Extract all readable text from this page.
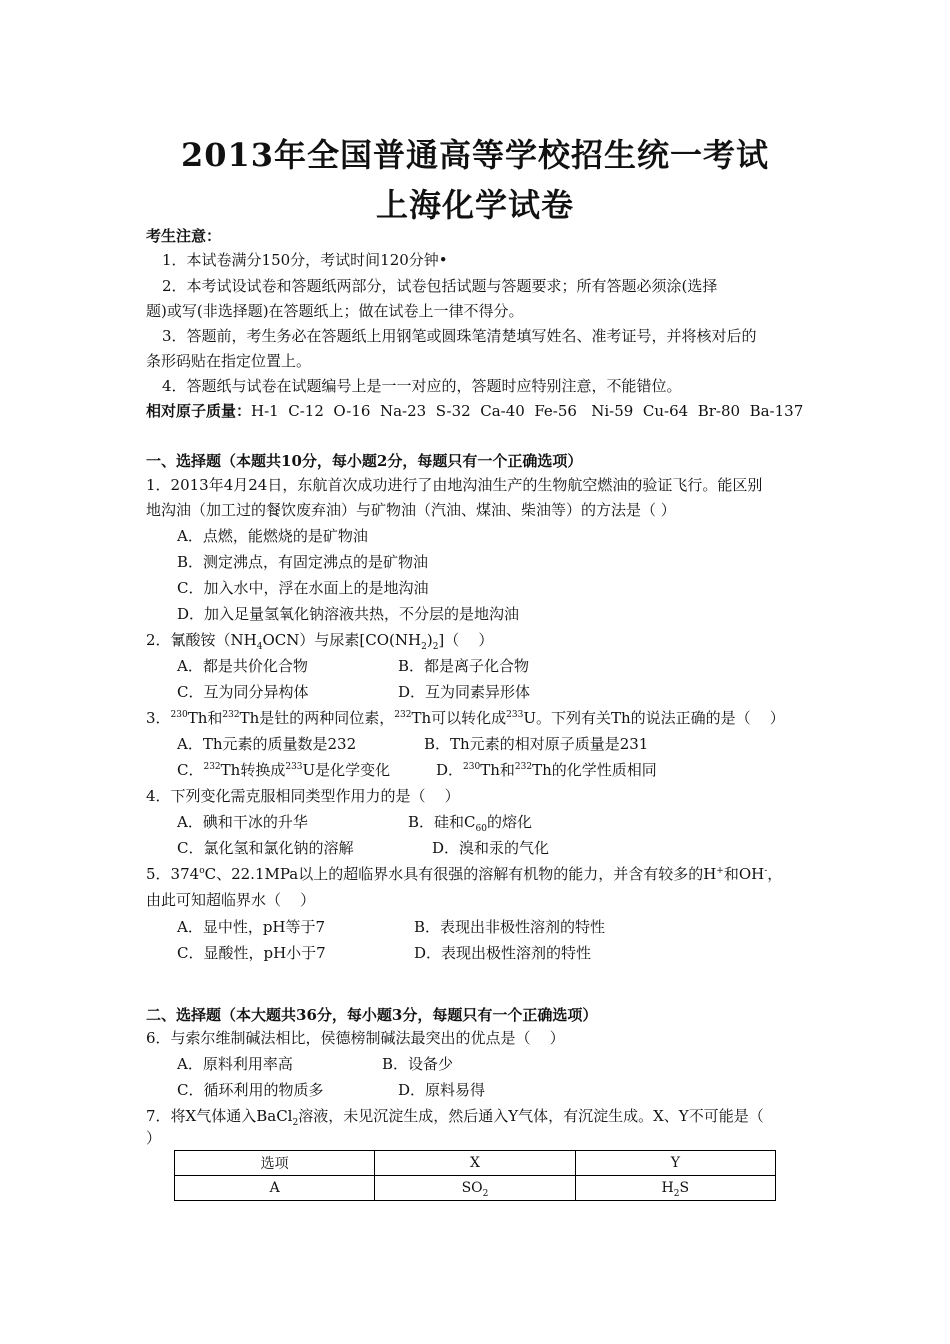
2013年全国普通高等学校招生统一考试
上海化学试卷
考生注意：
1．本试卷满分150分，考试时间120分钟•
2．本考试设试卷和答题纸两部分，试卷包括试题与答题要求；所有答题必须涂(选择
题)或写(非选择题)在答题纸上；做在试卷上一律不得分。
3．答题前，考生务必在答题纸上用钢笔或圆珠笔清楚填写姓名、准考证号，并将核对后的
条形码贴在指定位置上。
4．答题纸与试卷在试题编号上是一一对应的，答题时应特别注意，不能错位。
相对原子质量：H-1  C-12  O-16  Na-23  S-32  Ca-40  Fe-56   Ni-59  Cu-64  Br-80  Ba-137
一、选择题（本题共10分，每小题2分，每题只有一个正确选项）
1．2013年4月24日，东航首次成功进行了由地沟油生产的生物航空燃油的验证飞行。能区别
地沟油（加工过的餐饮废弃油）与矿物油（汽油、煤油、柴油等）的方法是（ ）
A．点燃，能燃烧的是矿物油
B．测定沸点，有固定沸点的是矿物油
C．加入水中，浮在水面上的是地沟油
D．加入足量氢氧化钠溶液共热，不分层的是地沟油
2．氰酸铵$(NH_4OCN)$与尿素$[CO(NH_2)_2]$（    ）
A．都是共价化合物	B．都是离子化合物
C．互为同分异构体	D．互为同素异形体
3．$^{230}$Th和$^{232}$Th是钍的两种同位素，$^{232}$Th可以转化成$^{233}$U。下列有关Th的说法正确的是（    ）
A．Th元素的质量数是232	B．Th元素的相对原子质量是231
C．$^{232}$Th转换成$^{233}$U是化学变化	D．$^{230}$Th和$^{232}$Th的化学性质相同
4．下列变化需克服相同类型作用力的是（    ）
A．碘和干冰的升华	B．硅和$C_{60}$的熔化
C．氯化氢和氯化钠的溶解	D．溴和汞的气化
5．374$^o$C、22.1MPa以上的超临界水具有很强的溶解有机物的能力，并含有较多的H+和OH-，
由此可知超临界水（    ）
A．显中性，pH等于7	B．表现出非极性溶剂的特性
C．显酸性，pH小于7	D．表现出极性溶剂的特性
二、选择题（本大题共36分，每小题3分，每题只有一个正确选项）
6．与索尔维制碱法相比，侯德榜制碱法最突出的优点是（    ）
A．原料利用率高	B．设备少
C．循环利用的物质多	D．原料易得
7．将X气体通入BaCl$_2$溶液，未见沉淀生成，然后通入Y气体，有沉淀生成。X、Y不可能是（
）
选项	X	Y
A	$SO_2$	$H_2S$
